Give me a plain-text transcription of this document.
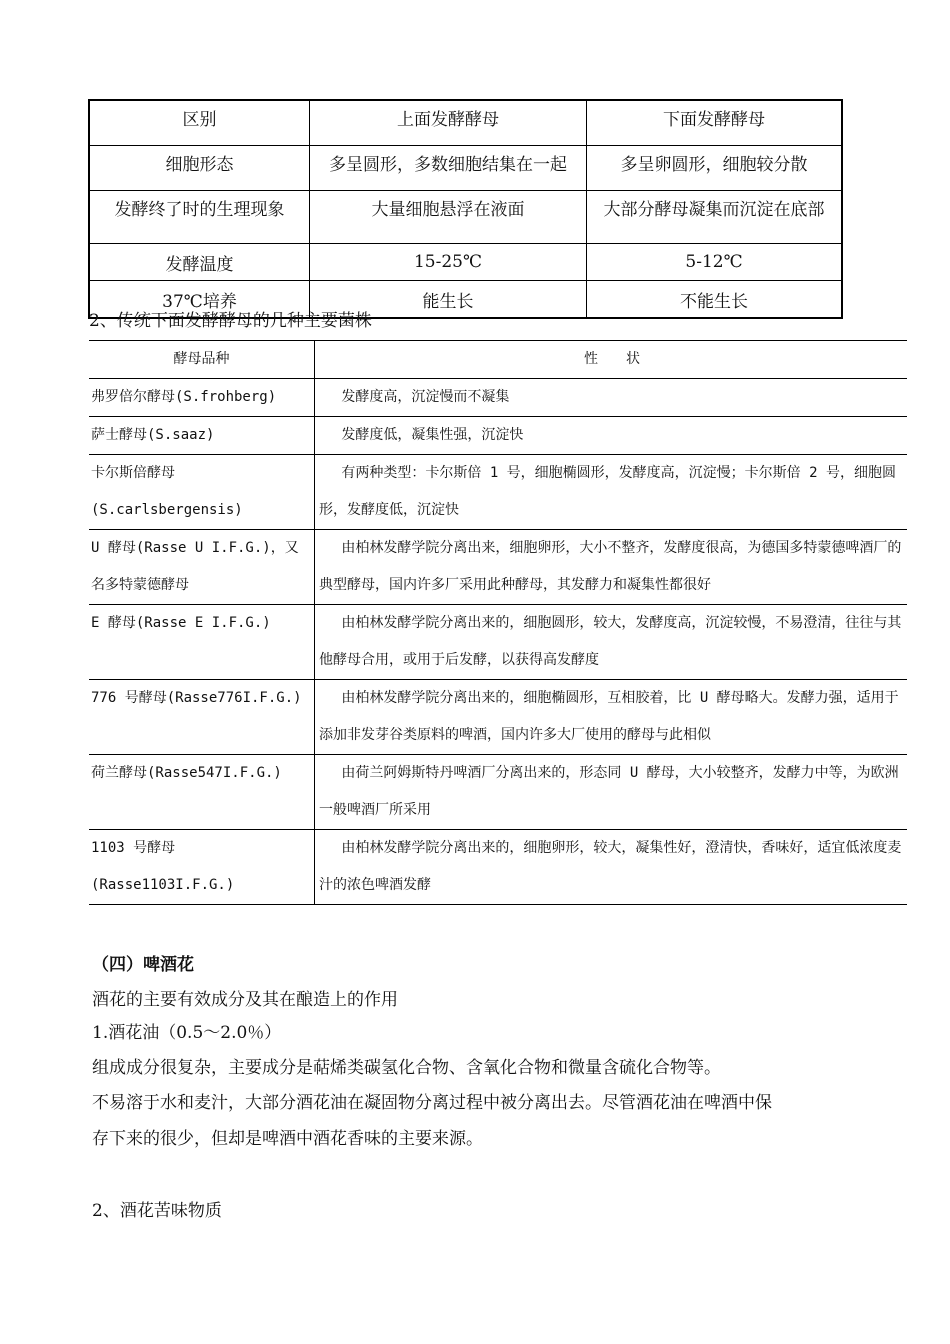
区别	上面发酵酵母	下面发酵酵母
细胞形态	多呈圆形，多数细胞结集在一起	多呈卵圆形，细胞较分散
发酵终了时的生理现象	大量细胞悬浮在液面	大部分酵母凝集而沉淀在底部
发酵温度	15-25℃	5-12℃
37℃培养	能生长	不能生长

2、传统下面发酵酵母的几种主要菌株

酵母品种	性　　状
弗罗倍尔酵母(S.frohberg)	发酵度高，沉淀慢而不凝集
萨士酵母(S.saaz)	发酵度低，凝集性强，沉淀快
卡尔斯倍酵母(S.carlsbergensis)	有两种类型：卡尔斯倍 1 号，细胞椭圆形，发酵度高，沉淀慢；卡尔斯倍 2 号，细胞圆形，发酵度低，沉淀快
U 酵母(Rasse U I.F.G.)，又名多特蒙德酵母	由柏林发酵学院分离出来，细胞卵形，大小不整齐，发酵度很高，为德国多特蒙德啤酒厂的典型酵母，国内许多厂采用此种酵母，其发酵力和凝集性都很好
E 酵母(Rasse E I.F.G.)	由柏林发酵学院分离出来的，细胞圆形，较大，发酵度高，沉淀较慢，不易澄清，往往与其他酵母合用，或用于后发酵，以获得高发酵度
776 号酵母(Rasse776I.F.G.)	由柏林发酵学院分离出来的，细胞椭圆形，互相胶着，比 U 酵母略大。发酵力强，适用于添加非发芽谷类原料的啤酒，国内许多大厂使用的酵母与此相似
荷兰酵母(Rasse547I.F.G.)	由荷兰阿姆斯特丹啤酒厂分离出来的，形态同 U 酵母，大小较整齐，发酵力中等，为欧洲一般啤酒厂所采用
1103 号酵母(Rasse1103I.F.G.)	由柏林发酵学院分离出来的，细胞卵形，较大，凝集性好，澄清快，香味好，适宜低浓度麦汁的浓色啤酒发酵

（四）啤酒花

酒花的主要有效成分及其在酿造上的作用

1.酒花油（0.5～2.0％）

组成成分很复杂，主要成分是萜烯类碳氢化合物、含氧化合物和微量含硫化合物等。

不易溶于水和麦汁，大部分酒花油在凝固物分离过程中被分离出去。尽管酒花油在啤酒中保

存下来的很少，但却是啤酒中酒花香味的主要来源。

2、酒花苦味物质
